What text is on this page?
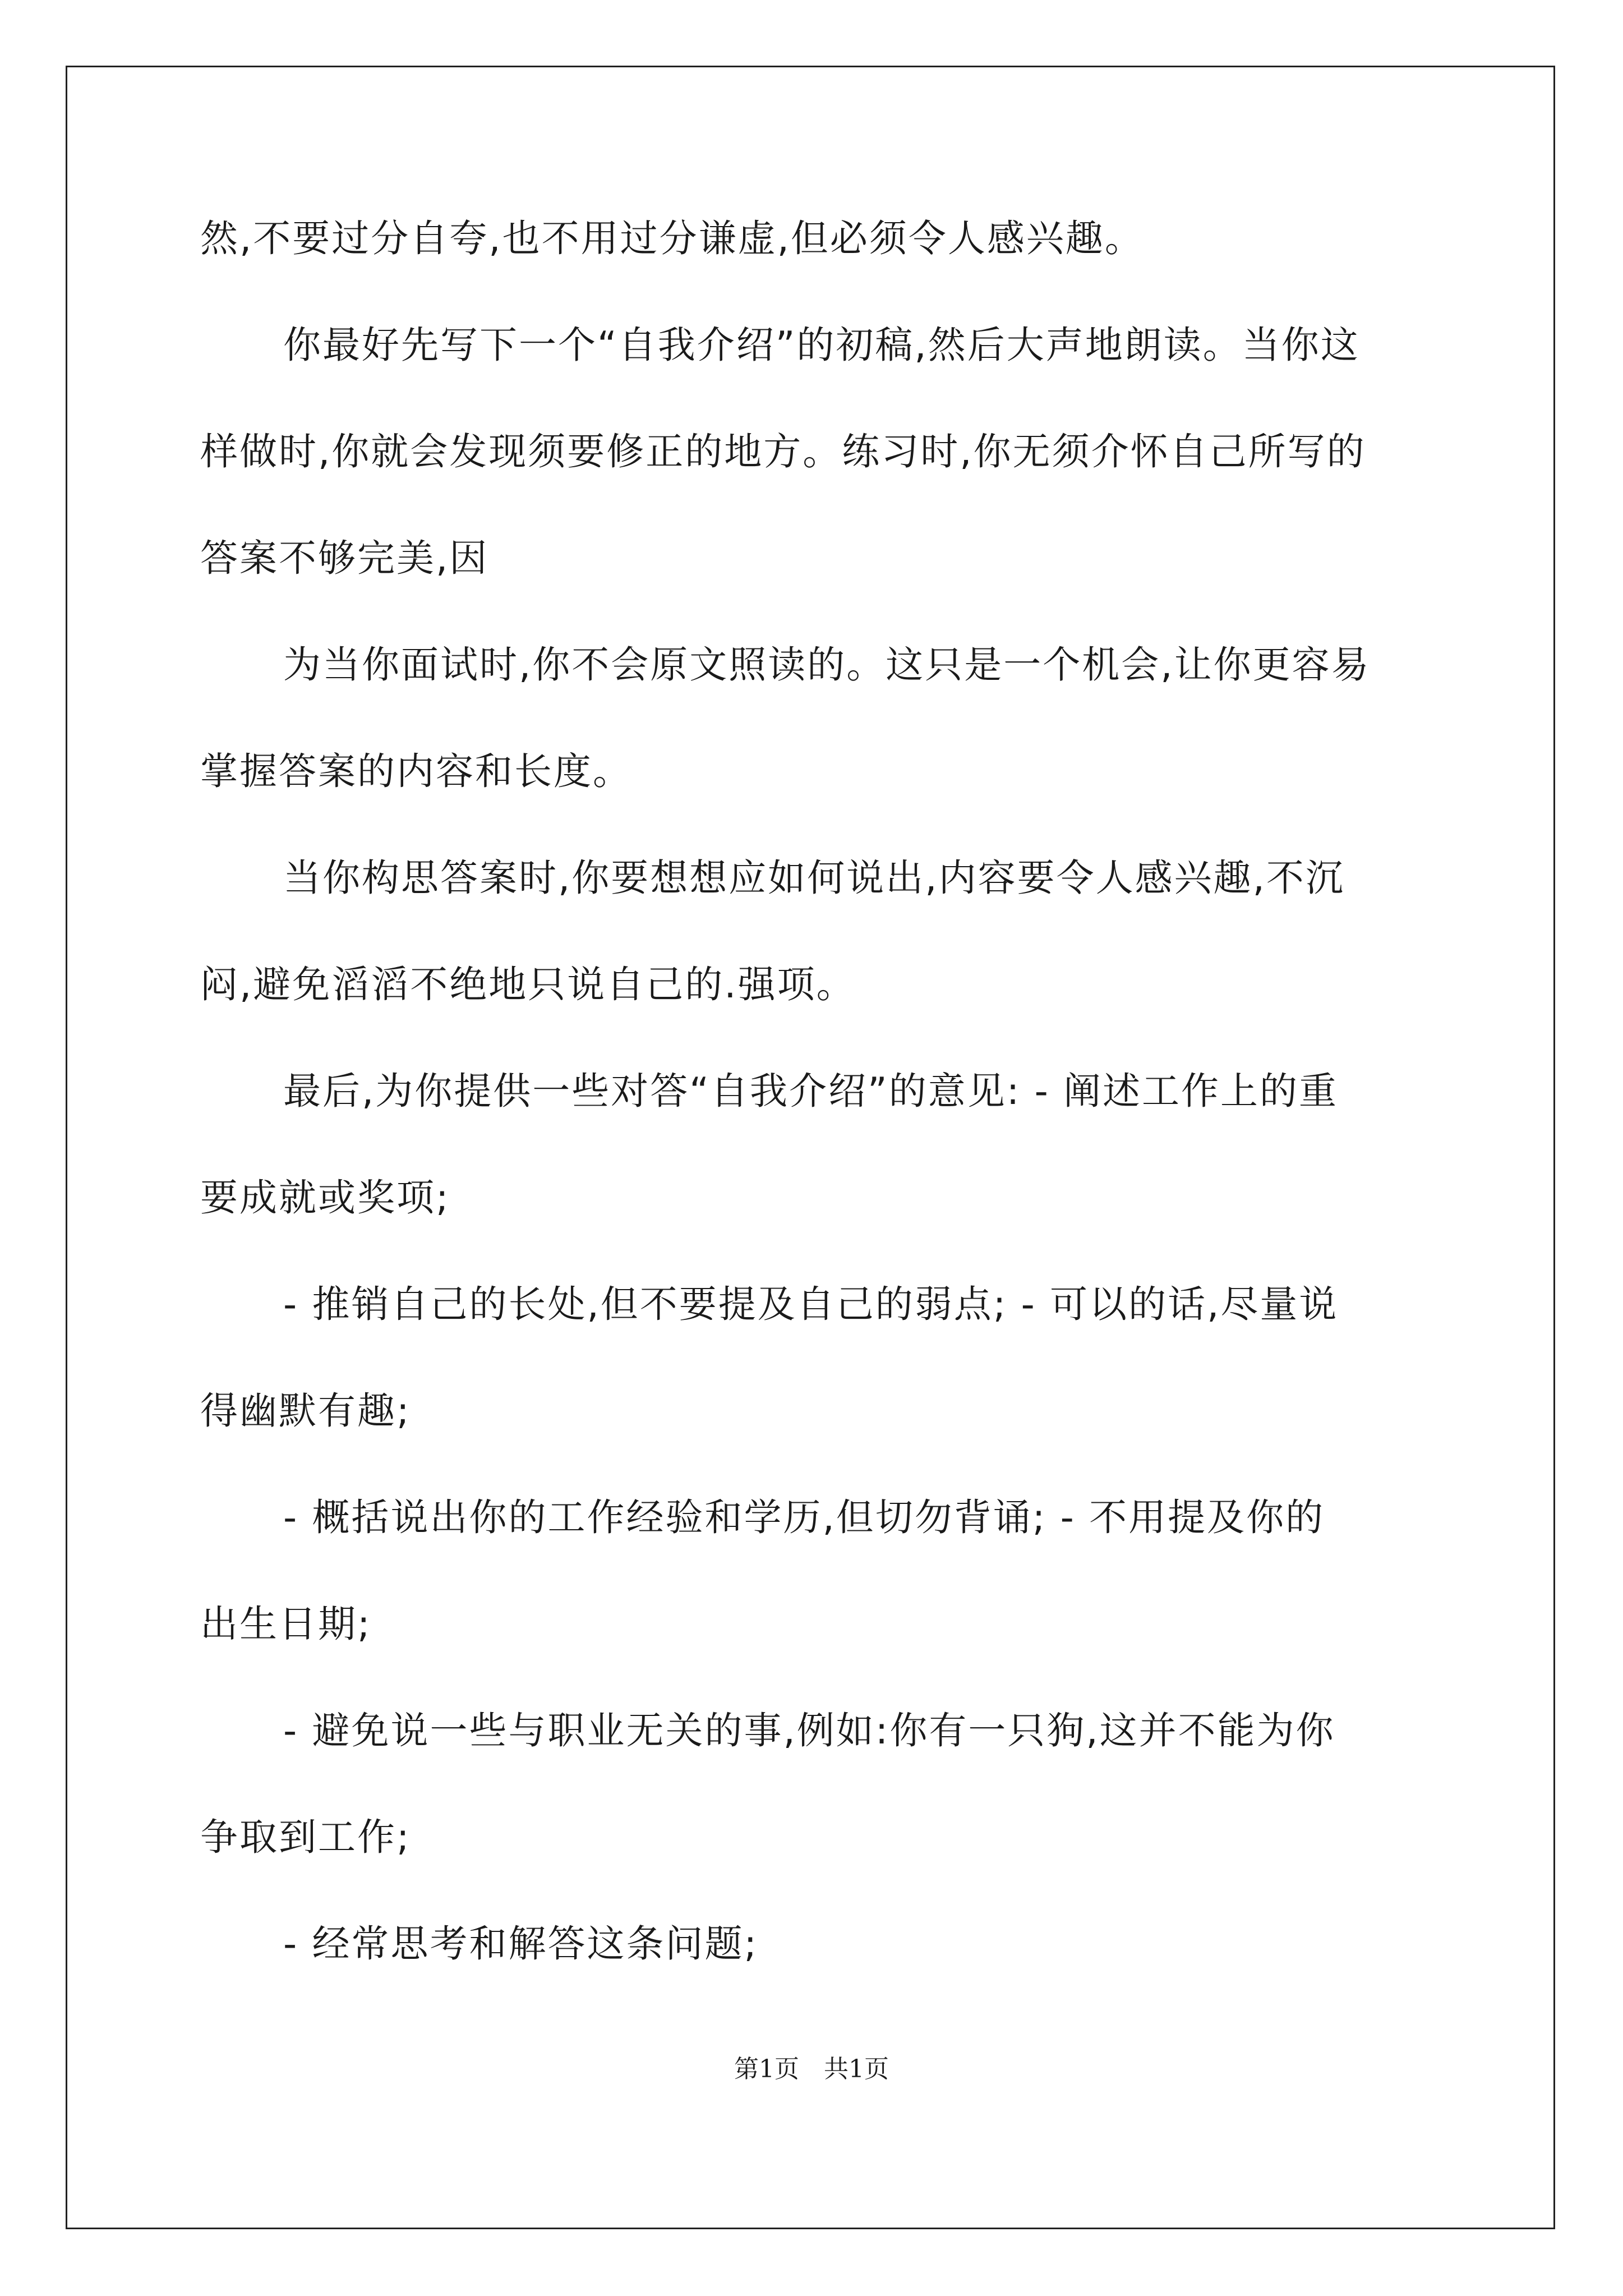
然,不要过分自夸,也不用过分谦虚,但必须令人感兴趣。
你最好先写下一个“自我介绍”的初稿,然后大声地朗读。当你这
样做时,你就会发现须要修正的地方。练习时,你无须介怀自己所写的
答案不够完美,因
为当你面试时,你不会原文照读的。这只是一个机会,让你更容易
掌握答案的内容和长度。
当你构思答案时,你要想想应如何说出,内容要令人感兴趣,不沉
闷,避免滔滔不绝地只说自己的.强项。
最后,为你提供一些对答“自我介绍”的意见: - 阐述工作上的重
要成就或奖项;
- 推销自己的长处,但不要提及自己的弱点; - 可以的话,尽量说
得幽默有趣;
- 概括说出你的工作经验和学历,但切勿背诵; - 不用提及你的
出生日期;
- 避免说一些与职业无关的事,例如:你有一只狗,这并不能为你
争取到工作;
- 经常思考和解答这条问题;
第1页 共1页
